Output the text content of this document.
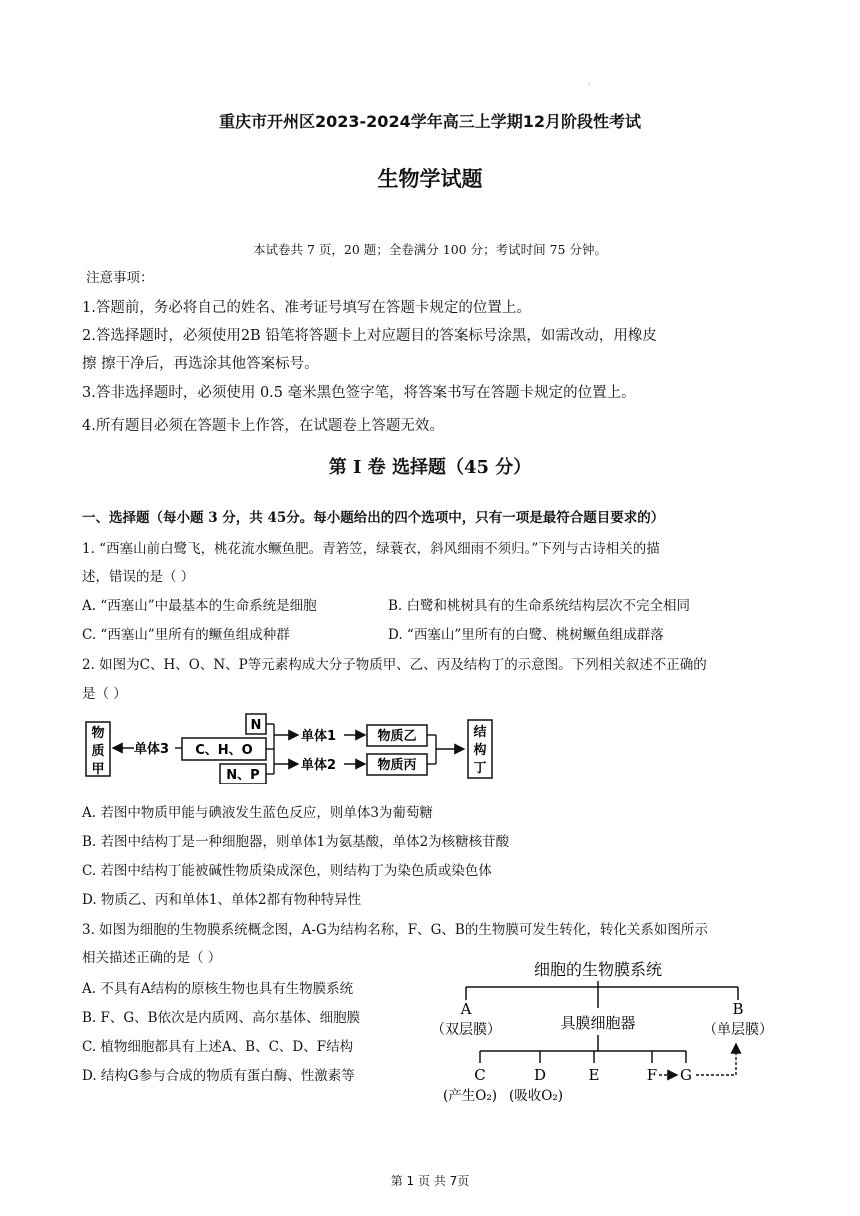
。
重庆市开州区2023-2024学年高三上学期12月阶段性考试
生物学试题
本试卷共 7 页，20 题；全卷满分 100 分；考试时间 75 分钟。
注意事项：
1.答题前，务必将自己的姓名、准考证号填写在答题卡规定的位置上。
2.答选择题时，必须使用2B 铅笔将答题卡上对应题目的答案标号涂黑，如需改动，用橡皮
擦 擦干净后，再选涂其他答案标号。
3.答非选择题时，必须使用 0.5 毫米黑色签字笔，将答案书写在答题卡规定的位置上。
4.所有题目必须在答题卡上作答，在试题卷上答题无效。
第 I 卷 选择题（45 分）
一、选择题（每小题 3 分，共 45分。每小题给出的四个选项中，只有一项是最符合题目要求的）
1. “西塞山前白鹭飞，桃花流水鳜鱼肥。青箬笠，绿蓑衣，斜风细雨不须归。”下列与古诗相关的描
述，错误的是（ ）
A. “西塞山”中最基本的生命系统是细胞	B. 白鹭和桃树具有的生命系统结构层次不完全相同
C. “西塞山”里所有的鳜鱼组成种群	D. “西塞山”里所有的白鹭、桃树鳜鱼组成群落
2. 如图为C、H、O、N、P等元素构成大分子物质甲、乙、丙及结构丁的示意图。下列相关叙述不正确的
是（ ）
物
质
甲
单体3 C、H、O
N
N、P
单体1
单体2
物质乙
物质丙
结
构
丁
A. 若图中物质甲能与碘液发生蓝色反应，则单体3为葡萄糖
B. 若图中结构丁是一种细胞器，则单体1为氨基酸，单体2为核糖核苷酸
C. 若图中结构丁能被碱性物质染成深色，则结构丁为染色质或染色体
D. 物质乙、丙和单体1、单体2都有物种特异性
3. 如图为细胞的生物膜系统概念图，A-G为结构名称，F、G、B的生物膜可发生转化，转化关系如图所示
相关描述正确的是（ ）
A. 不具有A结构的原核生物也具有生物膜系统
B. F、G、B依次是内质网、高尔基体、细胞膜
C. 植物细胞都具有上述A、B、C、D、F结构
D. 结构G参与合成的物质有蛋白酶、性激素等
细胞的生物膜系统
A
（双层膜）	具膜细胞器
B
（单层膜）
C	D	E	F G
(产生O₂) (吸收O₂)
第 1 页 共 7页
